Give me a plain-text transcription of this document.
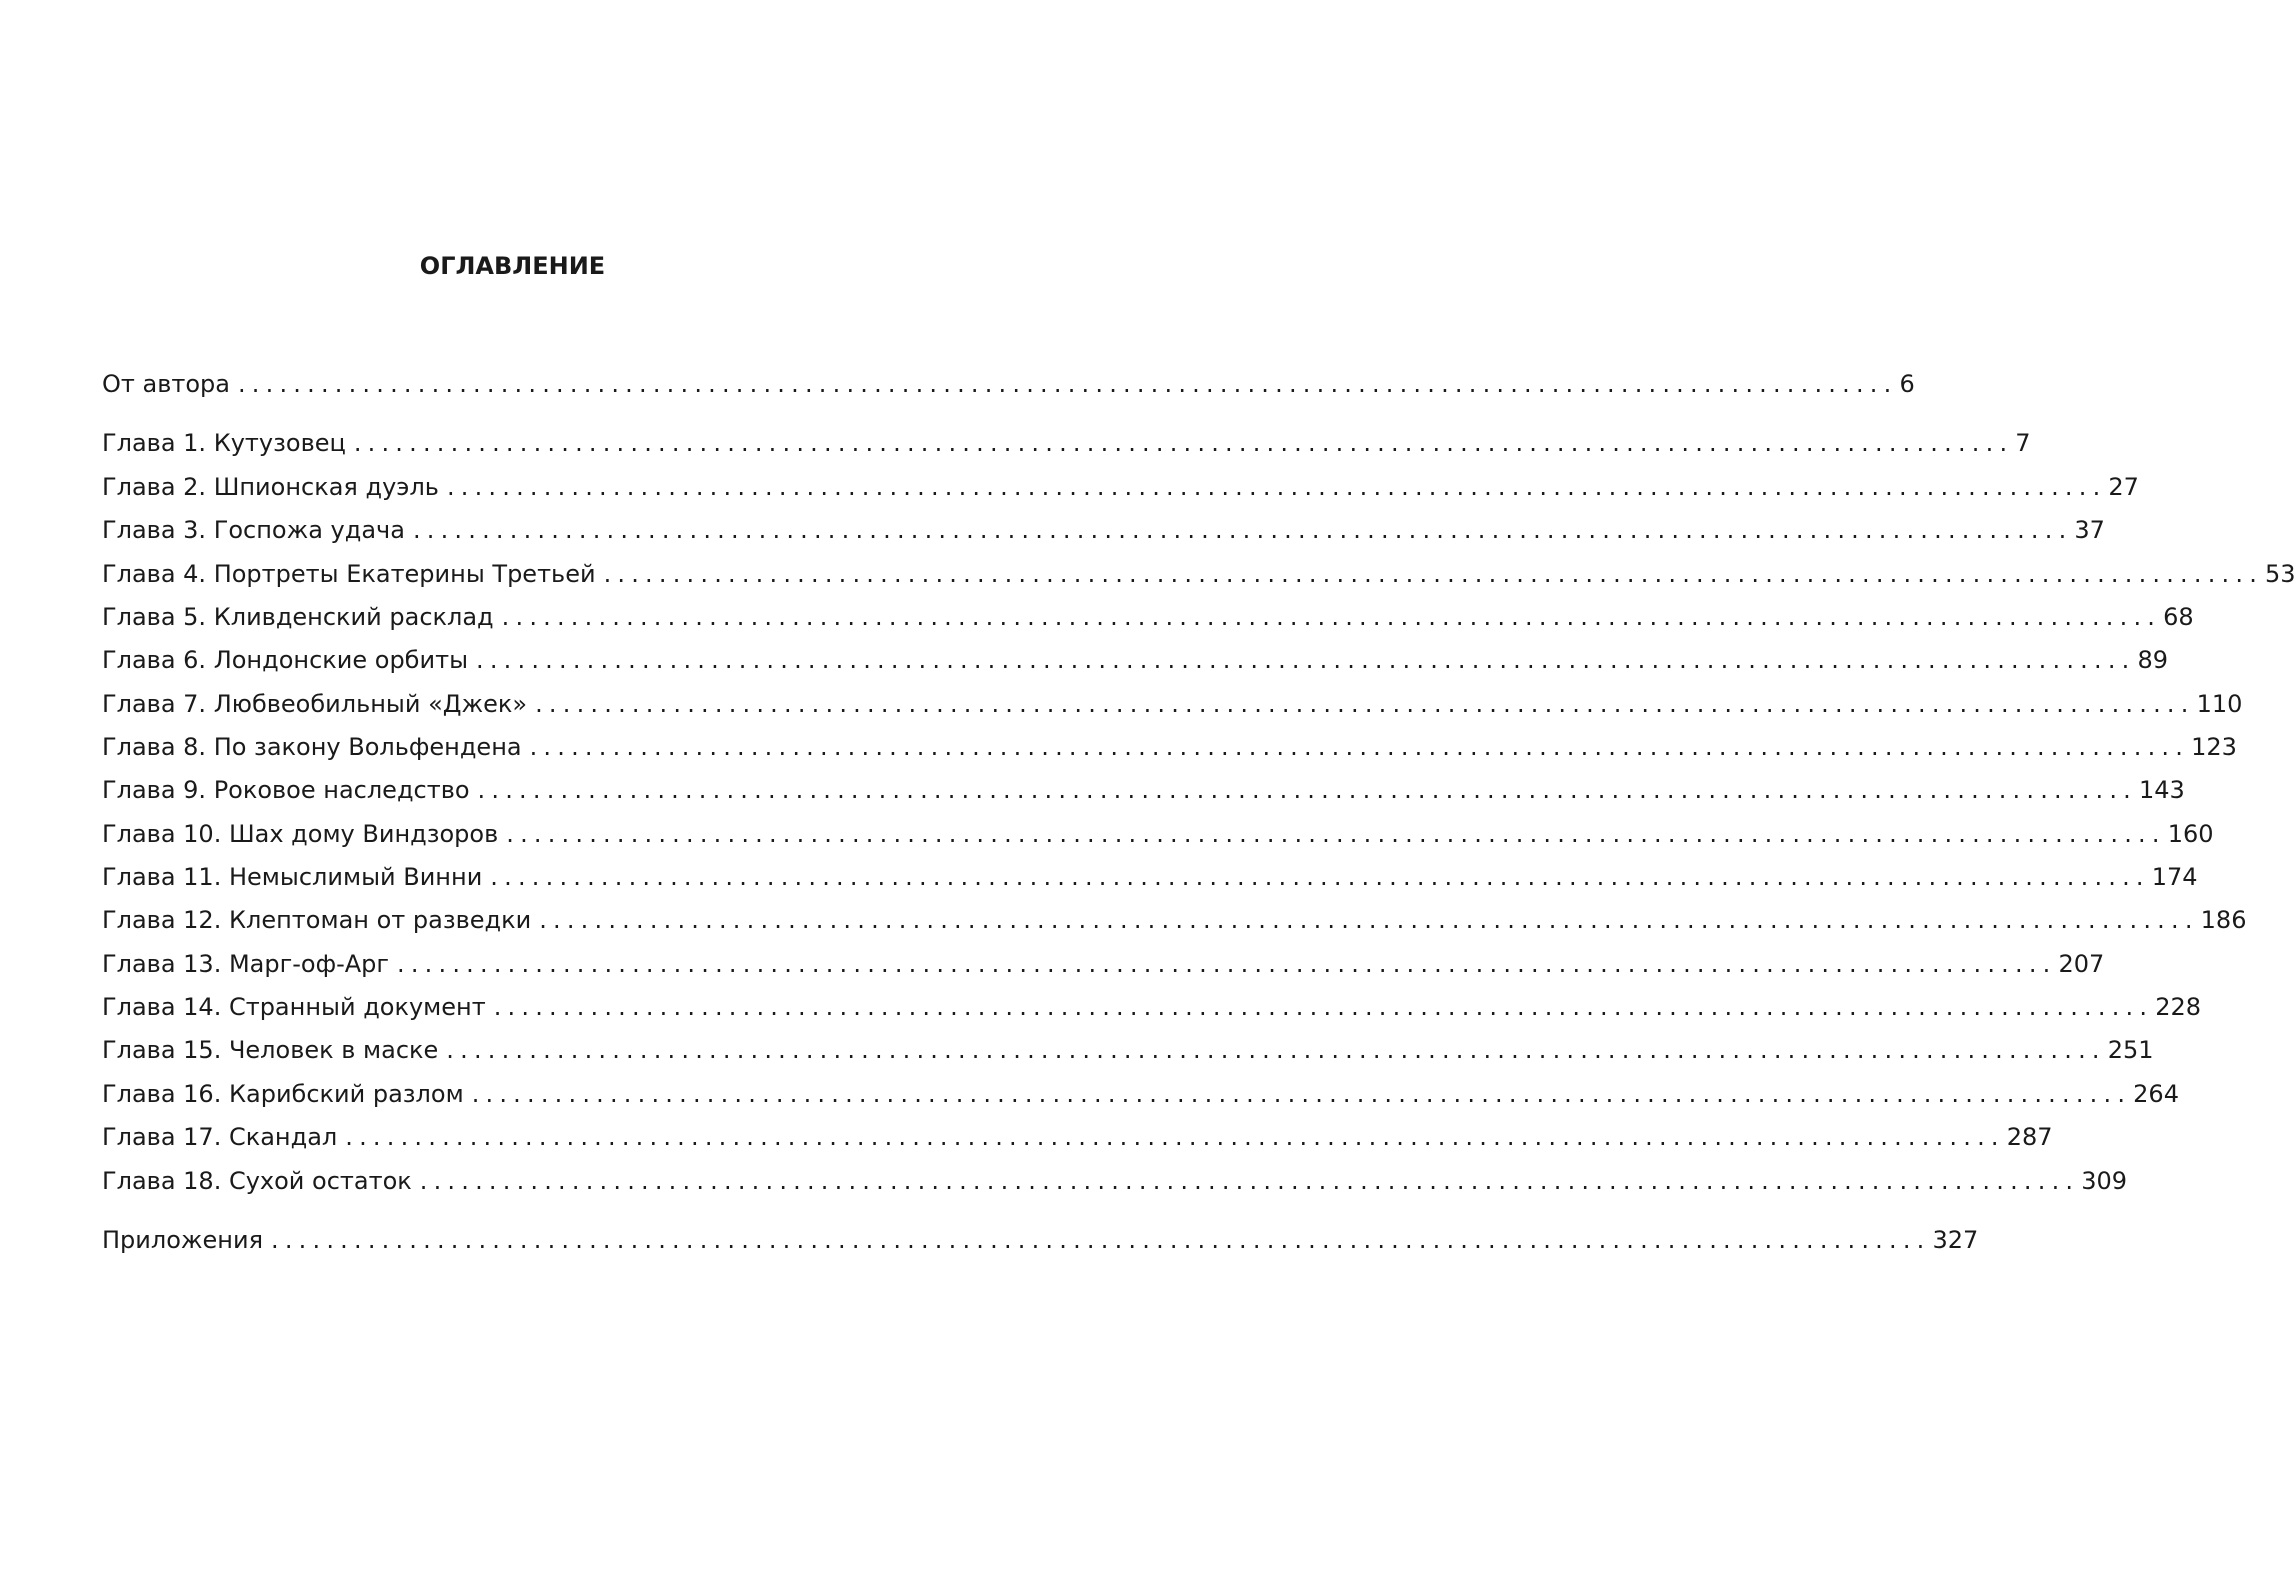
ОГЛАВЛЕНИЕ
От автора ........................................................................................................................ 6
Глава 1. Кутузовец ........................................................................................................................ 7
Глава 2. Шпионская дуэль ........................................................................................................................ 27
Глава 3. Госпожа удача ........................................................................................................................ 37
Глава 4. Портреты Екатерины Третьей ........................................................................................................................ 53
Глава 5. Кливденский расклад ........................................................................................................................ 68
Глава 6. Лондонские орбиты ........................................................................................................................ 89
Глава 7. Любвеобильный «Джек» ........................................................................................................................ 110
Глава 8. По закону Вольфендена ........................................................................................................................ 123
Глава 9. Роковое наследство ........................................................................................................................ 143
Глава 10. Шах дому Виндзоров ........................................................................................................................ 160
Глава 11. Немыслимый Винни ........................................................................................................................ 174
Глава 12. Клептоман от разведки ........................................................................................................................ 186
Глава 13. Марг-оф-Арг ........................................................................................................................ 207
Глава 14. Странный документ ........................................................................................................................ 228
Глава 15. Человек в маске ........................................................................................................................ 251
Глава 16. Карибский разлом ........................................................................................................................ 264
Глава 17. Скандал ........................................................................................................................ 287
Глава 18. Сухой остаток ........................................................................................................................ 309
Приложения ........................................................................................................................ 327
